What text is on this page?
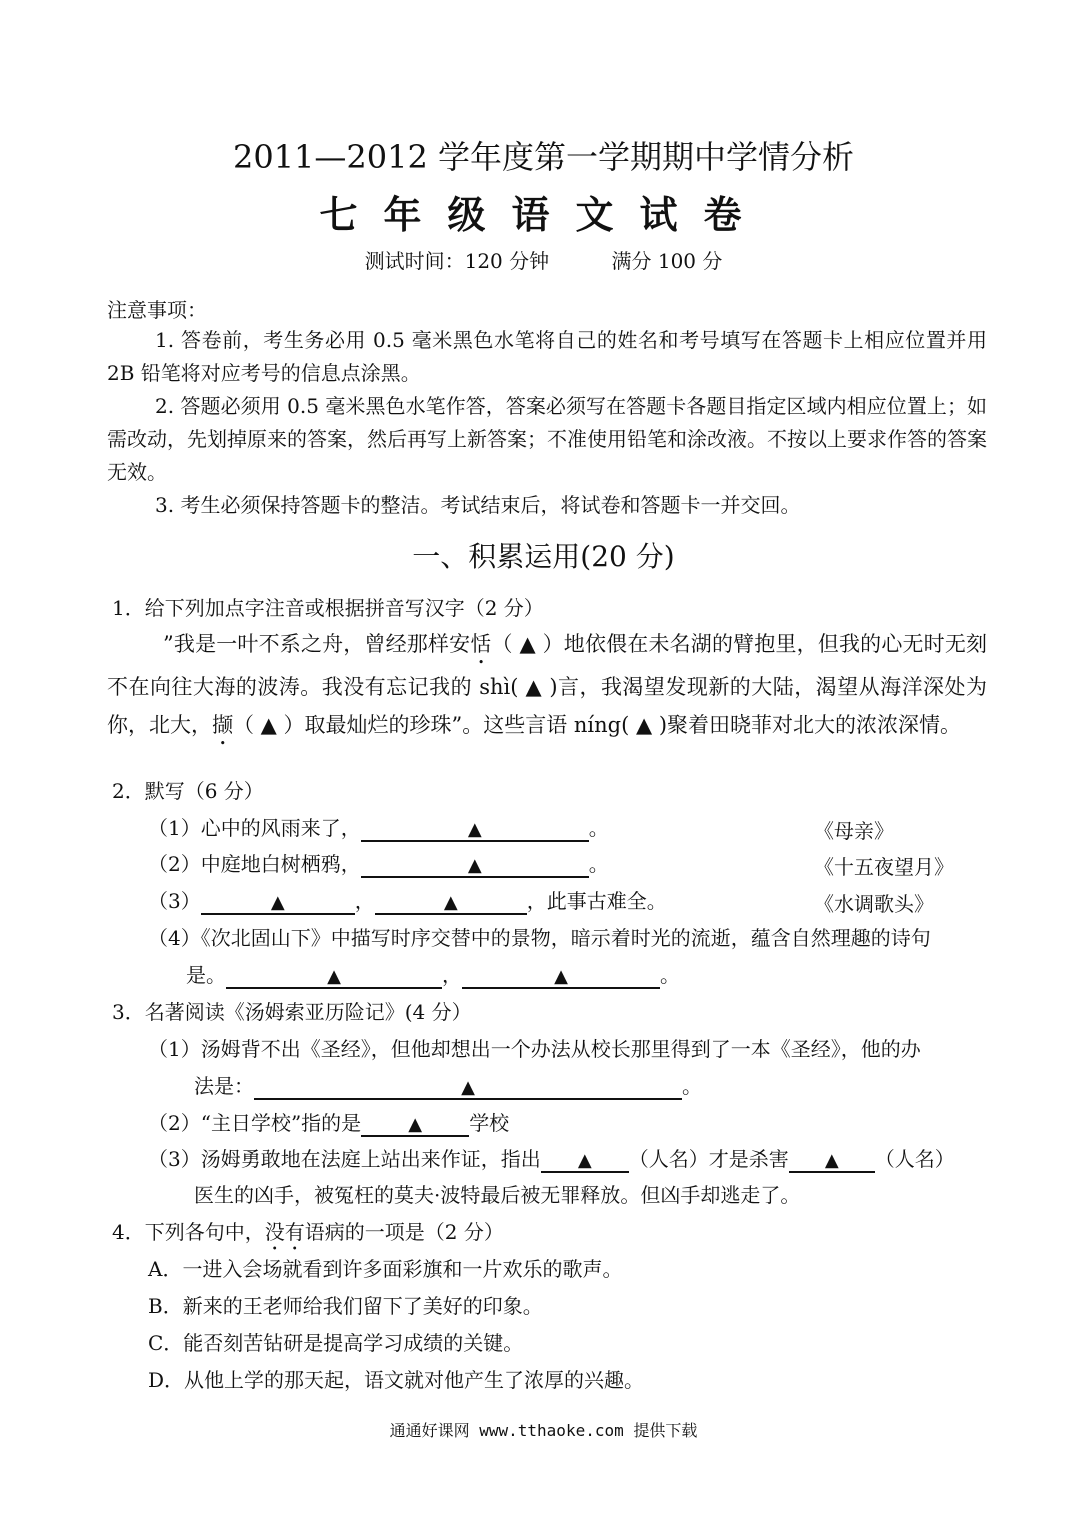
2011—2012 学年度第一学期期中学情分析
七年级语文试卷
测试时间：120 分钟	满分 100 分
注意事项：

1. 答卷前，考生务必用 0.5 毫米黑色水笔将自己的姓名和考号填写在答题卡上相应位置并用 2B 铅笔将对应考号的信息点涂黑。

2. 答题必须用 0.5 毫米黑色水笔作答，答案必须写在答题卡各题目指定区域内相应位置上；如需改动，先划掉原来的答案，然后再写上新答案；不准使用铅笔和涂改液。不按以上要求作答的答案无效。

3. 考生必须保持答题卡的整洁。考试结束后，将试卷和答题卡一并交回。

一、积累运用(20 分)
1．给下列加点字注音或根据拼音写汉字（2 分）
”我是一叶不系之舟，曾经那样安恬（ ▲ ）地依偎在未名湖的臂抱里，但我的心无时无刻不在向往大海的波涛。我没有忘记我的 shì( ▲ )言，我渴望发现新的大陆，渴望从海洋深处为你，北大，撷（ ▲ ）取最灿烂的珍珠”。这些言语 níng( ▲ )聚着田晓菲对北大的浓浓深情。
2．默写（6 分）
（1）心中的风雨来了，	▲	。	《母亲》
（2）中庭地白树栖鸦，	▲	。	《十五夜望月》
（3）	▲	，	▲	，此事古难全。	《水调歌头》
（4）《次北固山下》中描写时序交替中的景物，暗示着时光的流逝，蕴含自然理趣的诗句
是。	▲	，	▲	。
3．名著阅读《汤姆索亚历险记》(4 分）
（1）汤姆背不出《圣经》，但他却想出一个办法从校长那里得到了一本《圣经》，他的办
法是：	▲	。
（2）“主日学校”指的是	▲ 学校
（3）汤姆勇敢地在法庭上站出来作证，指出 ▲ （人名）才是杀害 ▲ （人名）
医生的凶手，被冤枉的莫夫·波特最后被无罪释放。但凶手却逃走了。
4．下列各句中，没有语病的一项是（2 分）
A．一进入会场就看到许多面彩旗和一片欢乐的歌声。
B．新来的王老师给我们留下了美好的印象。
C．能否刻苦钻研是提高学习成绩的关键。
D．从他上学的那天起，语文就对他产生了浓厚的兴趣。
通通好课网 www.tthaoke.com 提供下载
